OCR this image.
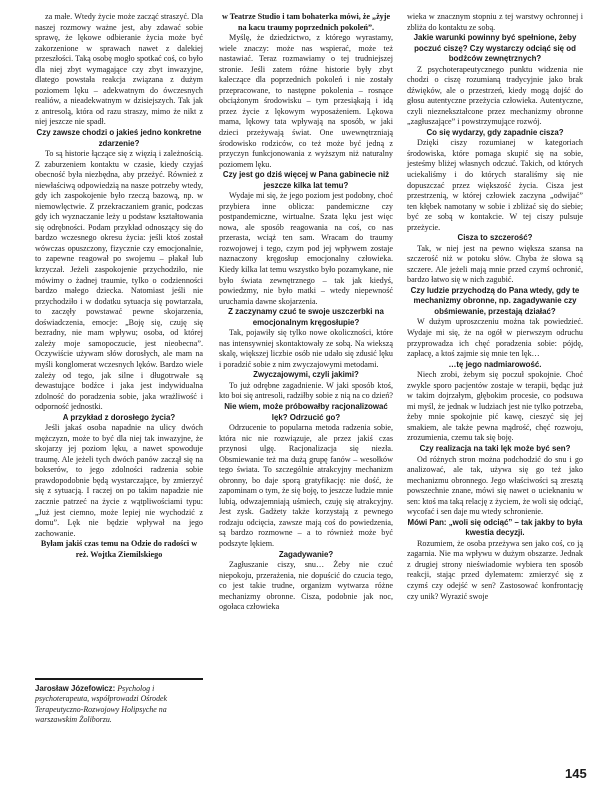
za małe. Wtedy życie może zacząć straszyć. Dla naszej rozmowy ważne jest, aby zdawać sobie sprawę, że lękowe odbieranie życia może być zakorzenione w sprawach nawet z dalekiej przeszłości. Taką osobę mogło spotkać coś, co było dla niej zbyt wymagające czy zbyt inwazyjne, dlatego powstała reakcja związana z dużym poziomem lęku – adekwatnym do ówczesnych realiów, a nieadekwatnym w dzisiejszych. Tak jak z antresolą, która od razu straszy, mimo że nikt z niej jeszcze nie spadł.

Czy zawsze chodzi o jakieś jedno konkretne zdarzenie?

To są historie łączące się z więzią i zależnością. Z zaburzeniem kontaktu w czasie, kiedy czyjaś obecność była niezbędna, aby przeżyć. Również z niewłaściwą odpowiedzią na nasze potrzeby wtedy, gdy ich zaspokojenie było rzeczą bazową, np. w niemowlęctwie. Z przekraczaniem granic, podczas gdy ich wyznaczanie leży u podstaw kształtowania się odrębności. Podam przykład odnoszący się do bardzo wczesnego okresu życia: jeśli ktoś został wówczas opuszczony, fizycznie czy emocjonalnie, to zapewne reagował po swojemu – płakał lub krzyczał. Jeżeli zaspokojenie przychodziło, nie mówimy o żadnej traumie, tylko o codzienności bardzo małego dziecka. Natomiast jeśli nie przychodziło i w dodatku sytuacja się powtarzała, to zaczęły powstawać pewne skojarzenia, doświadczenia, emocje: „Boję się, czuję się bezradny, nie mam wpływu; osoba, od której zależy moje samopoczucie, jest nieobecna”. Oczywiście używam słów dorosłych, ale mam na myśli konglomerat wczesnych lęków. Bardzo wiele zależy od tego, jak silne i długotrwałe są dewastujące bodźce i jaka jest indywidualna zdolność do poradzenia sobie, jaka wrażliwość i odporność jednostki.

A przykład z dorosłego życia?

Jeśli jakaś osoba napadnie na ulicy dwóch mężczyzn, może to być dla niej tak inwazyjne, że skojarzy jej poziom lęku, a nawet spowoduje traumę. Ale jeżeli tych dwóch panów zaczął się na bokserów, to jego zdolności radzenia sobie prawdopodobnie będą wystarczające, by zmierzyć się z sytuacją. I raczej on po takim napadzie nie zacznie patrzeć na życie z wątpliwościami typu: „Już jest ciemno, może lepiej nie wychodzić z domu”. Lęk nie będzie wpływał na jego zachowanie.

Byłam jakiś czas temu na Odzie do radości w reż. Wojtka Ziemilskiego

w Teatrze Studio i tam bohaterka mówi, że „żyje na kacu traumy poprzednich pokoleń”.

Myślę, że dziedzictwo, z którego wyrastamy, wiele znaczy: może nas wspierać, może też nastawiać. Teraz rozmawiamy o tej trudniejszej stronie. Jeśli zatem różne historie były zbyt kaleczące dla poprzednich pokoleń i nie zostały przepracowane, to następne pokolenia – rosnące obciążonym środowisku – tym przesiąkają i idą przez życie z lękowym wyposażeniem. Lękowa mama, lękowy tata wpływają na sposób, w jaki dzieci przeżywają świat. One uwewnętrzniają środowisko rodziców, co też może być jedną z przyczyn funkcjonowania z wyższym niż naturalny poziomem lęku.

Czy jest go dziś więcej w Pana gabinecie niż jeszcze kilka lat temu?

Wydaje mi się, że jego poziom jest podobny, choć przybiera inne oblicza: pandemiczne czy postpandemiczne, wirtualne. Szata lęku jest więc nowa, ale sposób reagowania na coś, co nas przerasta, wciąż ten sam. Wracam do traumy rozwojowej i tego, czym pod jej wpływem zostaje naznaczony kręgosłup emocjonalny człowieka. Kiedy kilka lat temu wszystko było pozamykane, nie było świata zewnętrznego – tak jak kiedyś, powiedzmy, nie było matki – wtedy niepewność uruchamia dawne skojarzenia.

Z zaczynamy czuć te swoje uszczerbki na emocjonalnym kręgosłupie?

Tak, pojawiły się tylko nowe okoliczności, które nas intensywniej skontaktowały ze sobą. Na wiekszą skalę, większej liczbie osób nie udało się zdusić lęku i poradzić sobie z nim zwyczajowymi metodami.

Zwyczajowymi, czyli jakimi?

To już odrębne zagadnienie. W jaki sposób ktoś, kto boi się antresoli, radziłby sobie z nią na co dzień?

Nie wiem, może próbowałby racjonalizować lęk? Odrzucić go?

Odrzucenie to popularna metoda radzenia sobie, która nic nie rozwiązuje, ale przez jakiś czas przynosi ulgę. Racjonalizacja się niezła. Obsmiewanie też ma dużą grupę fanów – wesołków tego świata. To szczególnie atrakcyjny mechanizm obronny, bo daje sporą gratyfikację: nie dość, że zapominam o tym, że się boję, to jeszcze ludzie mnie lubią, odwzajemniają uśmiech, czuję się atrakcyjny. Jest zysk. Gadżety także korzystają z pewnego rodzaju odcięcia, zawsze mają coś do powiedzenia, są bardzo rozmowne – a to również może być podszyte lękiem.

Zagadywanie?

Zagłuszanie ciszy, snu… Żeby nie czuć niepokoju, przerażenia, nie dopuścić do czucia tego, co jest takie trudne, organizm wytwarza różne mechanizmy obronne. Cisza, podobnie jak noc, ogołaca człowieka

wieka w znacznym stopniu z tej warstwy ochronnej i zbliża do kontaktu ze sobą.

Jakie warunki powinny być spełnione, żeby poczuć ciszę? Czy wystarczy odciąć się od bodźców zewnętrznych?

Z psychoterapeutycznego punktu widzenia nie chodzi o ciszę rozumianą tradycyjnie jako brak dźwięków, ale o przestrzeń, kiedy mogą dojść do głosu autentyczne przeżycia człowieka. Autentyczne, czyli nieznekształcone przez mechanizmy obronne „zagłuszające” i powstrzymujące rozwój.

Co się wydarzy, gdy zapadnie cisza?

Dzięki ciszy rozumianej w kategoriach środowiska, które pomaga skupić się na sobie, jesteśmy bliżej własnych odczuć. Takich, od których uciekaliśmy i do których staraliśmy się nie dopuszczać przez większość życia. Cisza jest przestrzenią, w której człowiek zaczyna „odwijać” ten kłębek namotany w sobie i zbliżać się do siebie; być ze sobą w kontakcie. W tej ciszy pulsuje przeżycie.

Cisza to szczerość?

Tak, w niej jest na pewno większa szansa na szczerość niż w potoku słów. Chyba że słowa są szczere. Ale jeżeli mają mnie przed czymś ochronić, bardzo łatwo się w nich zagubić.

Czy ludzie przychodzą do Pana wtedy, gdy te mechanizmy obronne, np. zagadywanie czy obśmiewanie, przestają działać?

W dużym uproszczeniu można tak powiedzieć. Wydaje mi się, że na ogół w pierwszym odruchu przyprowadza ich chęć poradzenia sobie: pójdę, zapłacę, a ktoś zajmie się mnie ten lęk…

…tę jego nadmiarowość.

Niech zrobi, żebym się poczuł spokojnie. Choć zwykle sporo pacjentów zostaje w terapii, będąc już w takim dojrzałym, głębokim procesie, co podsuwa mi myśl, że jednak w ludziach jest nie tylko potrzeba, żeby mnie spokojnie pić kawę, cieszyć się jej smakiem, ale także pewna mądrość, chęć rozwoju, zrozumienia, czemu tak się boję.

Czy realizacja na taki lęk może być sen?

Od różnych stron można podchodzić do snu i go analizować, ale tak, używa się go też jako mechanizmu obronnego. Jego właściwości są zresztą powszechnie znane, mówi się nawet o ucieknaniu w sen: ktoś ma taką relację z życiem, że woli się odciąć, wycofać i sen daje mu wtedy schronienie.

Mówi Pan: „woli się odciąć” – tak jakby to była kwestia decyzji.

Rozumiem, że osoba przeżywa sen jako coś, co ją zagarnia. Nie ma wpływu w dużym obszarze. Jednak z drugiej strony nieświadomie wybiera ten sposób reakcji, stając przed dylematem: zmierzyć się z czymś czy odejść w sen? Zastosować konfrontację czy unik? Wyrazić swoje

Jarosław Józefowicz: Psycholog i psychoterapeuta, współprowadzi Ośrodek Terapeutyczno-Rozwojowy Holipsyche na warszawskim Żoliborzu.

145
